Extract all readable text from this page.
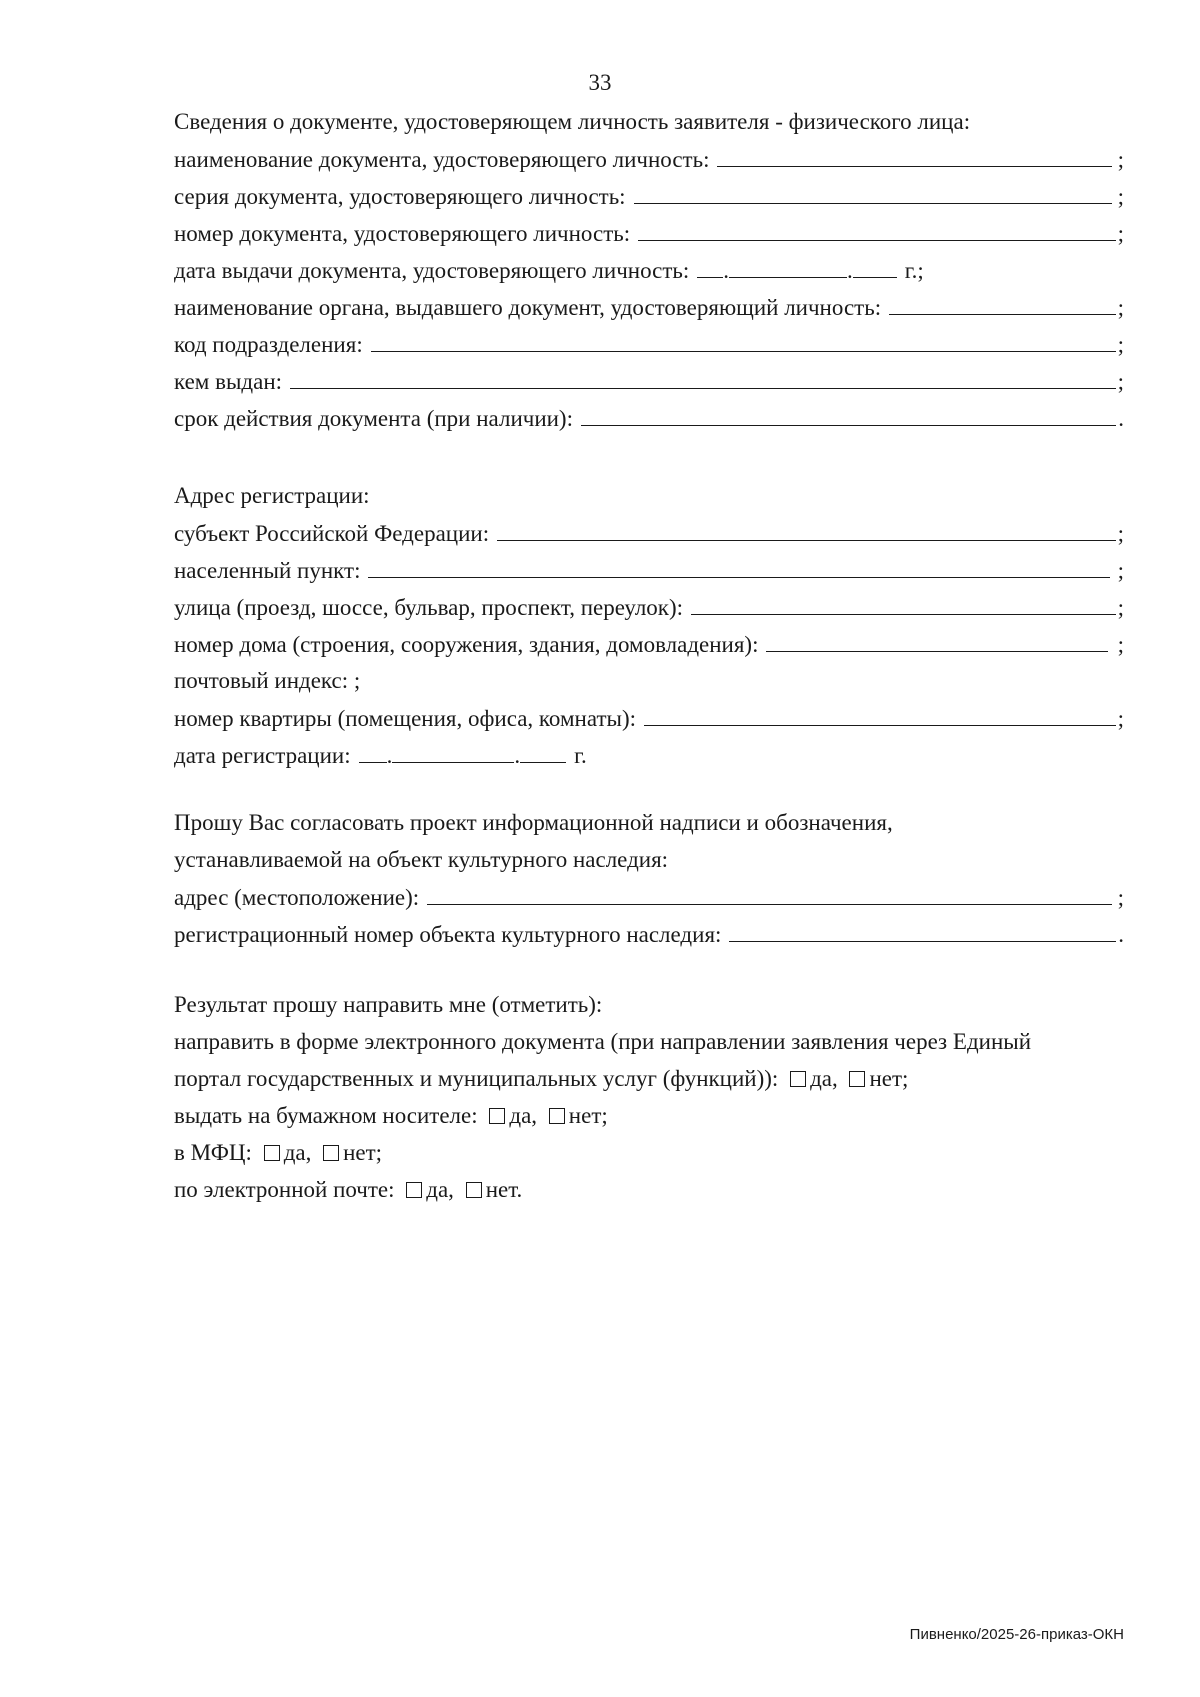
33
Сведения о документе, удостоверяющем личность заявителя - физического лица:
наименование документа, удостоверяющего личность:	;
серия документа, удостоверяющего личность:	;
номер документа, удостоверяющего личность:	;
дата выдачи документа, удостоверяющего личность: .	. г.;
наименование органа, выдавшего документ, удостоверяющий личность:	;
код подразделения:	;
кем выдан:	;
срок действия документа (при наличии):	.
Адрес регистрации:
субъект Российской Федерации:	;
населенный пункт:	;
улица (проезд, шоссе, бульвар, проспект, переулок):	;
номер дома (строения, сооружения, здания, домовладения):	;
почтовый индекс: ;
номер квартиры (помещения, офиса, комнаты):	;
дата регистрации: .	. г.
Прошу Вас согласовать проект информационной надписи и обозначения,
устанавливаемой на объект культурного наследия:
адрес (местоположение):	;
регистрационный номер объекта культурного наследия:	.
Результат прошу направить мне (отметить):
направить в форме электронного документа (при направлении заявления через Единый
портал государственных и муниципальных услуг (функций)): да, нет;
выдать на бумажном носителе: да, нет;
в МФЦ: да, нет;
по электронной почте: да, нет.
Пивненко/2025-26-приказ-ОКН
